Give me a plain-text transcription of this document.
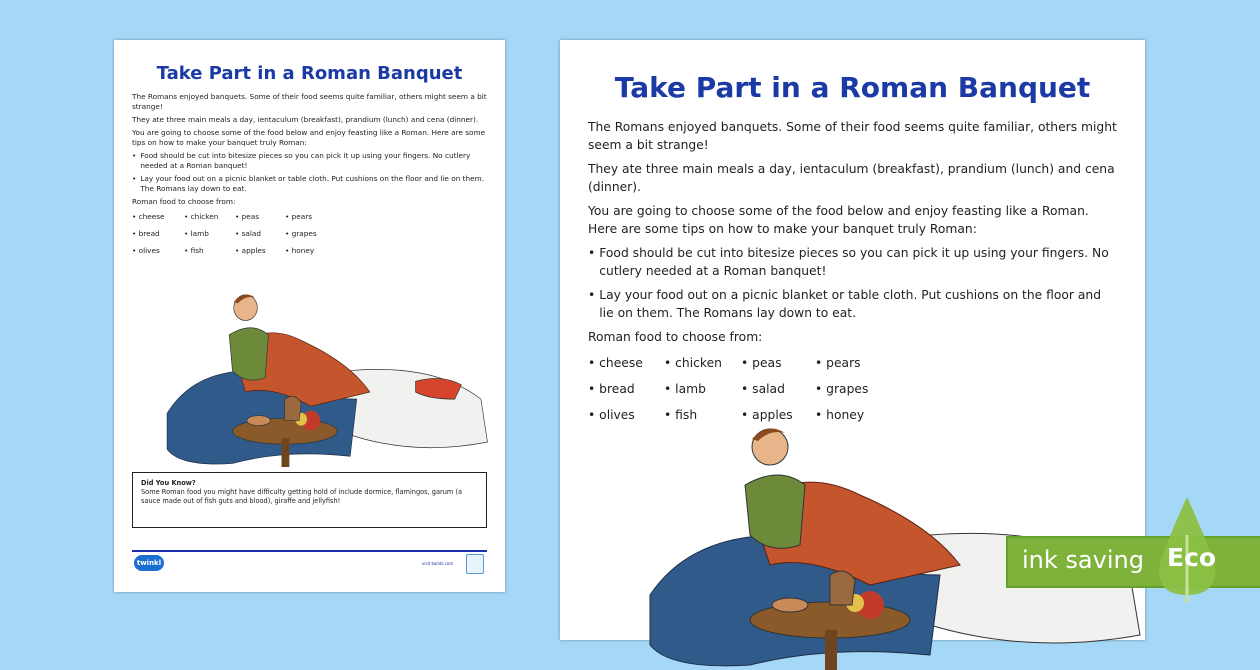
Take Part in a Roman Banquet

The Romans enjoyed banquets. Some of their food seems quite familiar, others might seem a bit strange!

They ate three main meals a day, ientaculum (breakfast), prandium (lunch) and cena (dinner).

You are going to choose some of the food below and enjoy feasting like a Roman. Here are some tips on how to make your banquet truly Roman:

• Food should be cut into bitesize pieces so you can pick it up using your fingers. No cutlery needed at a Roman banquet!

• Lay your food out on a picnic blanket or table cloth. Put cushions on the floor and lie on them. The Romans lay down to eat.

Roman food to choose from:

• cheese	• chicken	• peas	• pears
• bread	• lamb	• salad	• grapes
• olives	• fish	• apples	• honey
Did You Know?
Some Roman food you might have difficulty getting hold of include dormice, flamingos, garum (a sauce made out of fish guts and blood), giraffe and jellyfish!
twinkl	visit twinkl.com
Take Part in a Roman Banquet

The Romans enjoyed banquets. Some of their food seems quite familiar, others might seem a bit strange!

They ate three main meals a day, ientaculum (breakfast), prandium (lunch) and cena (dinner).

You are going to choose some of the food below and enjoy feasting like a Roman. Here are some tips on how to make your banquet truly Roman:

• Food should be cut into bitesize pieces so you can pick it up using your fingers. No cutlery needed at a Roman banquet!

• Lay your food out on a picnic blanket or table cloth. Put cushions on the floor and lie on them. The Romans lay down to eat.

Roman food to choose from:

• cheese	• chicken	• peas	• pears
• bread	• lamb	• salad	• grapes
• olives	• fish	• apples	• honey
ink saving Eco
